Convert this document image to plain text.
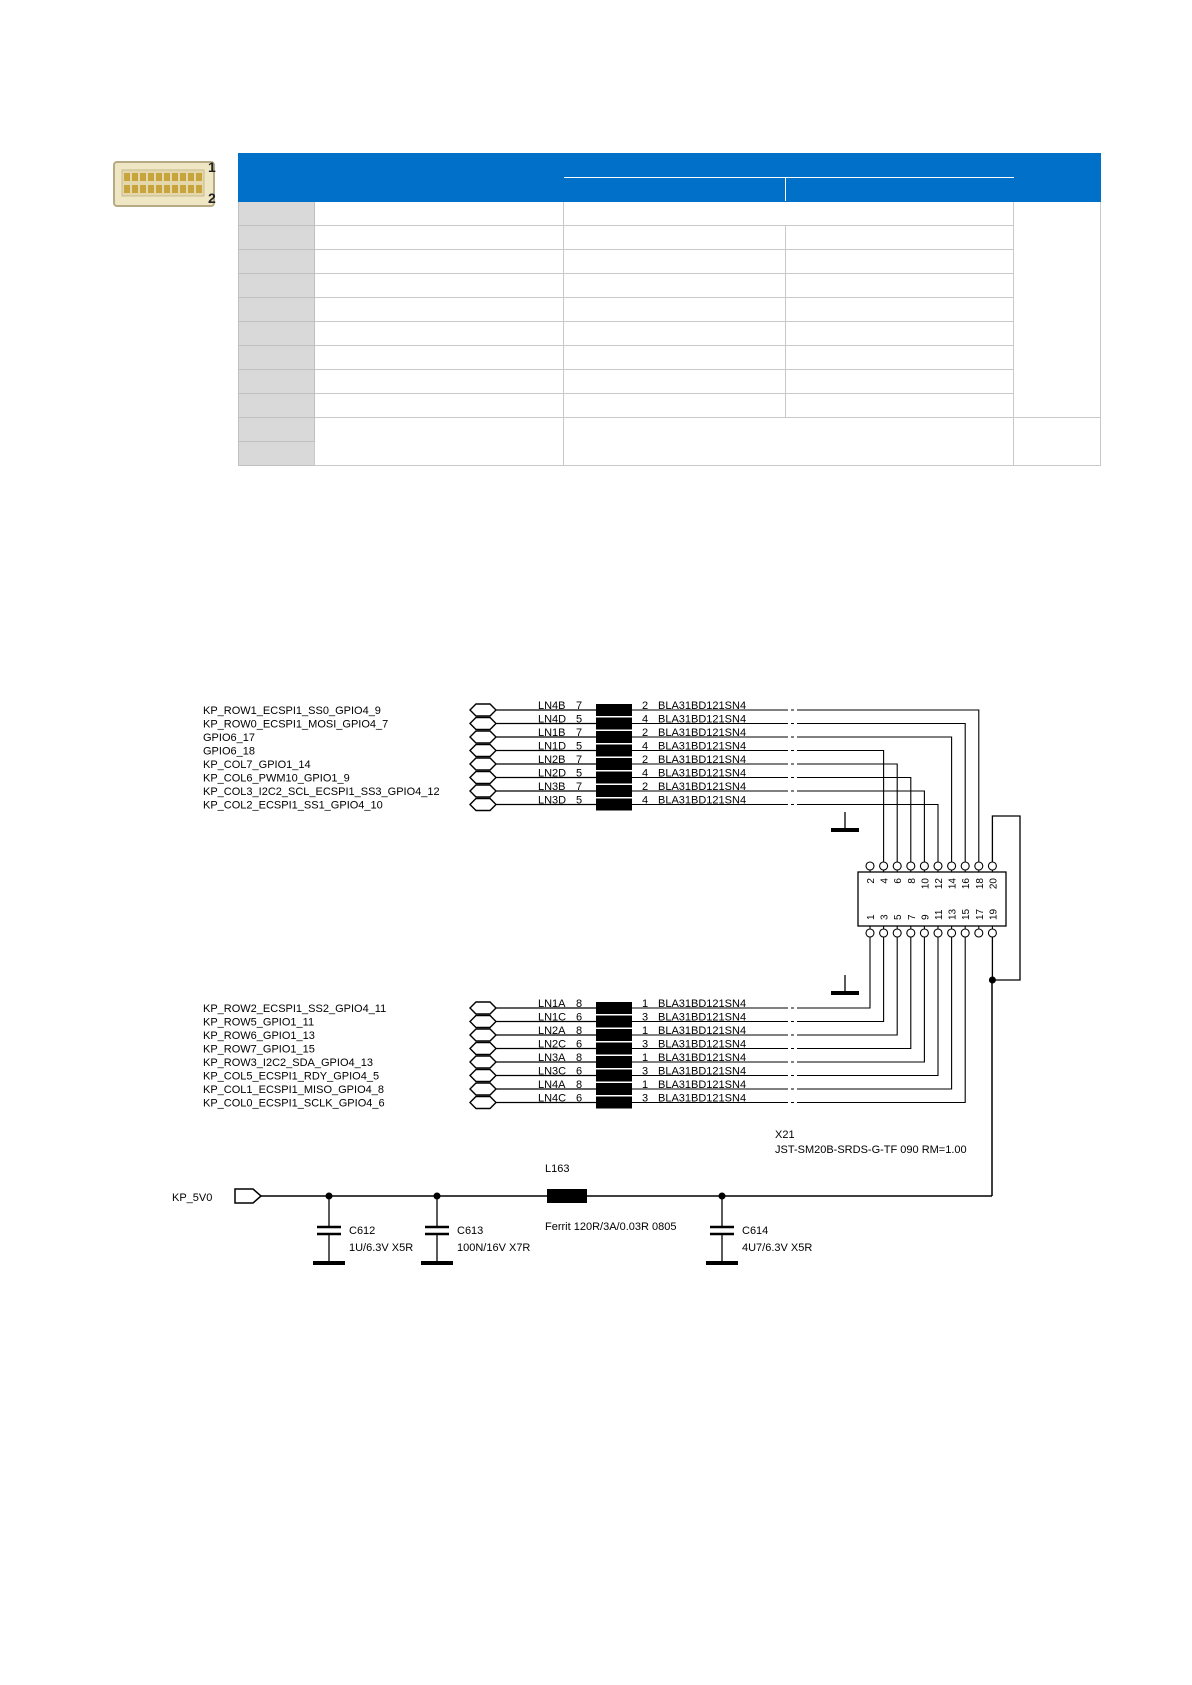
1
2

KP_ROW1_ECSPI1_SS0_GPIO4_9	LN4B 7	2 BLA31BD121SN4
KP_ROW0_ECSPI1_MOSI_GPIO4_7	LN4D 5	4 BLA31BD121SN4
GPIO6_17	LN1B 7	2 BLA31BD121SN4
GPIO6_18	LN1D 5	4 BLA31BD121SN4
KP_COL7_GPIO1_14	LN2B 7	2 BLA31BD121SN4
KP_COL6_PWM10_GPIO1_9	LN2D 5	4 BLA31BD121SN4
KP_COL3_I2C2_SCL_ECSPI1_SS3_GPIO4_12	LN3B 7	2 BLA31BD121SN4
KP_COL2_ECSPI1_SS1_GPIO4_10	LN3D 5	4 BLA31BD121SN4
KP_ROW2_ECSPI1_SS2_GPIO4_11	LN1A 8	1 BLA31BD121SN4
KP_ROW5_GPIO1_11	LN1C 6	3 BLA31BD121SN4
KP_ROW6_GPIO1_13	LN2A 8	1 BLA31BD121SN4
KP_ROW7_GPIO1_15	LN2C 6	3 BLA31BD121SN4
KP_ROW3_I2C2_SDA_GPIO4_13	LN3A 8	1 BLA31BD121SN4
KP_COL5_ECSPI1_RDY_GPIO4_5	LN3C 6	3 BLA31BD121SN4
KP_COL1_ECSPI1_MISO_GPIO4_8	LN4A 8	1 BLA31BD121SN4
KP_COL0_ECSPI1_SCLK_GPIO4_6	LN4C 6	3 BLA31BD121SN4
2 4 6 8 10 12 14 16 18 20
1 3 5 7 9 11 13 15 17 19
X21
JST-SM20B-SRDS-G-TF 090 RM=1.00
KP_5V0
L163
Ferrit 120R/3A/0.03R 0805
C612
1U/6.3V X5R
C613
100N/16V X7R
C614
4U7/6.3V X5R
